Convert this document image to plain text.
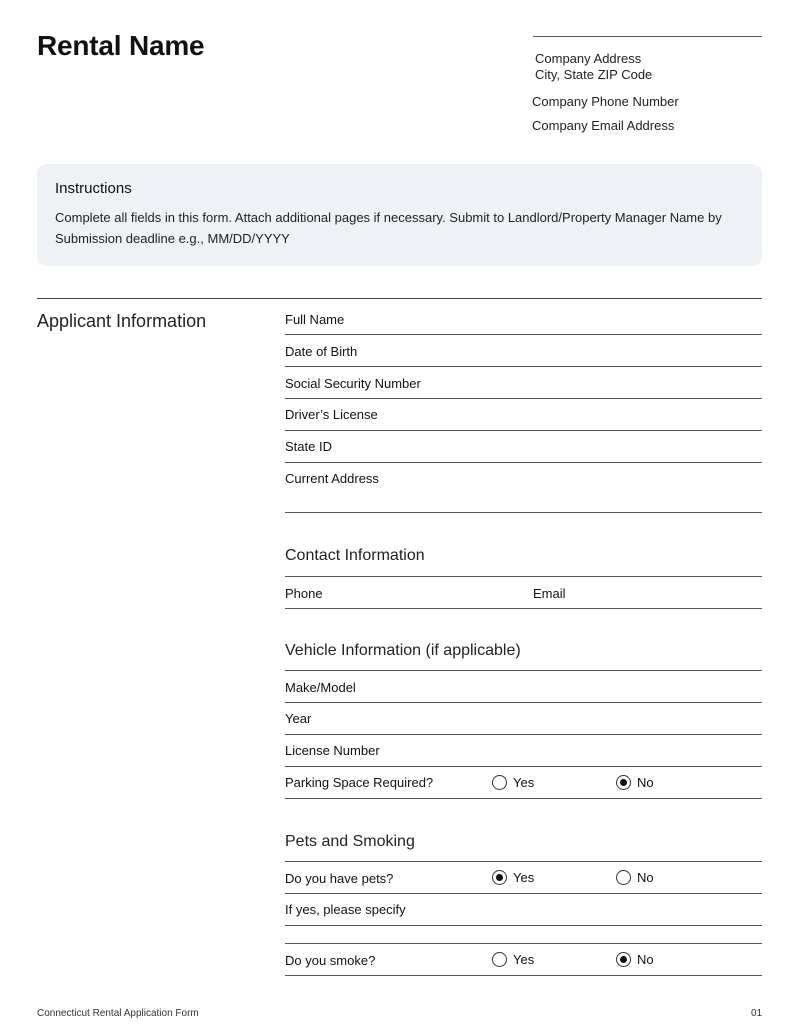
Rental Name	Company Address
City, State ZIP Code
Company Phone Number
Company Email Address
Instructions
Complete all fields in this form. Attach additional pages if necessary. Submit to Landlord/Property Manager Name by Submission deadline e.g., MM/DD/YYYY
Applicant Information	Full Name
Date of Birth
Social Security Number
Driver’s License
State ID
Current Address
Contact Information
Phone	Email
Vehicle Information (if applicable)
Make/Model
Year
License Number
Parking Space Required?	Yes	No
Pets and Smoking
Do you have pets?	Yes	No
If yes, please specify
Do you smoke?	Yes	No
Connecticut Rental Application Form	01
